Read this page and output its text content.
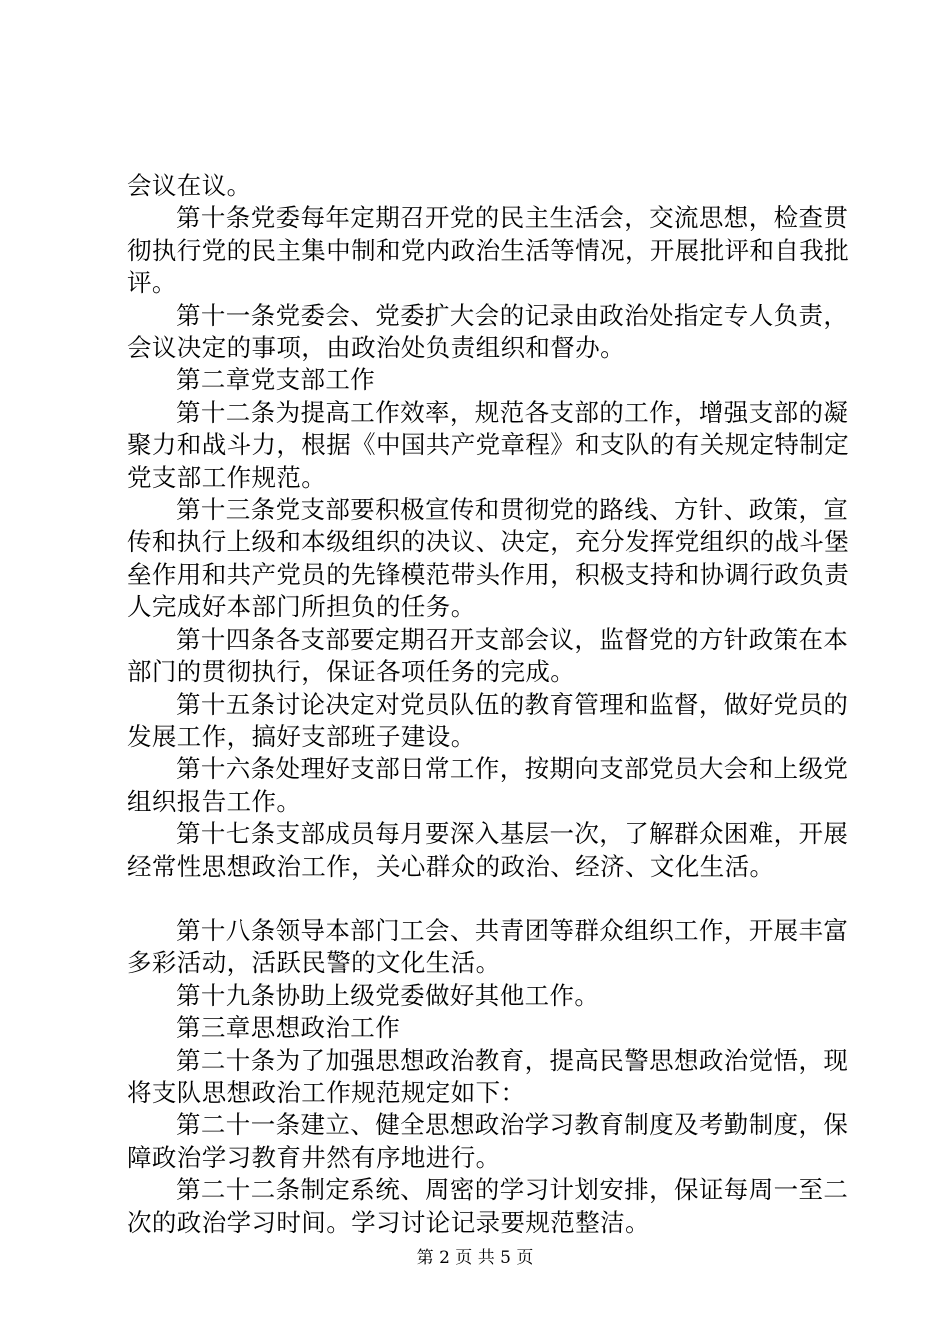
会议在议。

第十条党委每年定期召开党的民主生活会，交流思想，检查贯彻执行党的民主集中制和党内政治生活等情况，开展批评和自我批评。

第十一条党委会、党委扩大会的记录由政治处指定专人负责，会议决定的事项，由政治处负责组织和督办。

第二章党支部工作

第十二条为提高工作效率，规范各支部的工作，增强支部的凝聚力和战斗力，根据《中国共产党章程》和支队的有关规定特制定党支部工作规范。

第十三条党支部要积极宣传和贯彻党的路线、方针、政策，宣传和执行上级和本级组织的决议、决定，充分发挥党组织的战斗堡垒作用和共产党员的先锋模范带头作用，积极支持和协调行政负责人完成好本部门所担负的任务。

第十四条各支部要定期召开支部会议，监督党的方针政策在本部门的贯彻执行，保证各项任务的完成。

第十五条讨论决定对党员队伍的教育管理和监督，做好党员的发展工作，搞好支部班子建设。

第十六条处理好支部日常工作，按期向支部党员大会和上级党组织报告工作。

第十七条支部成员每月要深入基层一次，了解群众困难，开展经常性思想政治工作，关心群众的政治、经济、文化生活。

第十八条领导本部门工会、共青团等群众组织工作，开展丰富多彩活动，活跃民警的文化生活。

第十九条协助上级党委做好其他工作。

第三章思想政治工作

第二十条为了加强思想政治教育，提高民警思想政治觉悟，现将支队思想政治工作规范规定如下：

第二十一条建立、健全思想政治学习教育制度及考勤制度，保障政治学习教育井然有序地进行。

第二十二条制定系统、周密的学习计划安排，保证每周一至二次的政治学习时间。学习讨论记录要规范整洁。

第 2 页 共 5 页
